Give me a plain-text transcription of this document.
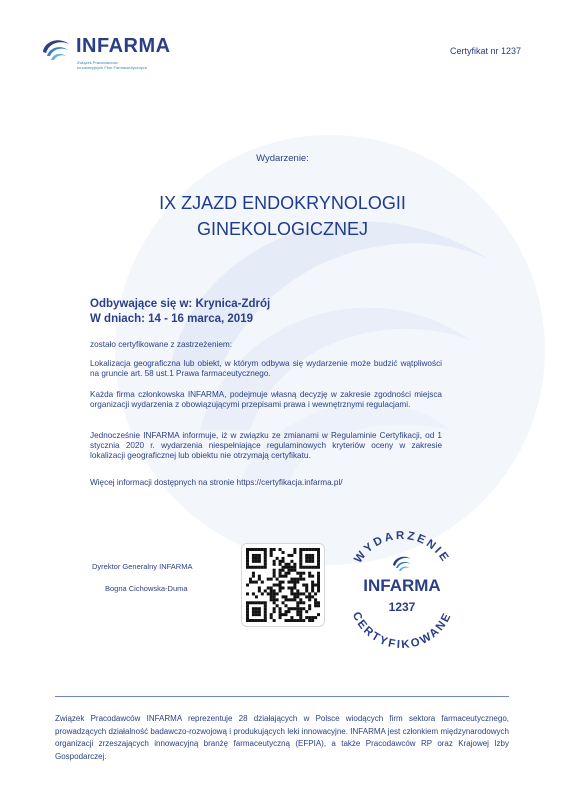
INFARMA
Związek Pracodawców
Innowacyjnych Firm Farmaceutycznych
Certyfikat nr 1237
Wydarzenie:
IX ZJAZD ENDOKRYNOLOGII
GINEKOLOGICZNEJ
Odbywające się w: Krynica-Zdrój
W dniach: 14 - 16 marca, 2019
zostało certyfikowane z zastrzeżeniem:
Lokalizacja geograficzna lub obiekt, w którym odbywa się wydarzenie może budzić wątpliwości na gruncie art. 58 ust.1 Prawa farmaceutycznego.
Każda firma członkowska INFARMA, podejmuje własną decyzję w zakresie zgodności miejsca organizacji wydarzenia z obowiązującymi przepisami prawa i wewnętrznymi regulacjami.
Jednocześnie INFARMA informuje, iż w związku ze zmianami w Regulaminie Certyfikacji, od 1 stycznia 2020 r. wydarzenia niespełniające regulaminowych kryteriów oceny w zakresie lokalizacji geograficznej lub obiektu nie otrzymają certyfikatu.
Więcej informacji dostępnych na stronie https://certyfikacja.infarma.pl/
Dyrektor Generalny INFARMA
Bogna Cichowska-Duma
WYDARZENIE
INFARMA
1237
CERTYFIKOWANE
Związek Pracodawców INFARMA reprezentuje 28 działających w Polsce wiodących firm sektora farmaceutycznego, prowadzących działalność badawczo-rozwojową i produkujących leki innowacyjne. INFARMA jest członkiem międzynarodowych organizacji zrzeszających innowacyjną branżę farmaceutyczną (EFPIA), a także Pracodawców RP oraz Krajowej Izby Gospodarczej.
